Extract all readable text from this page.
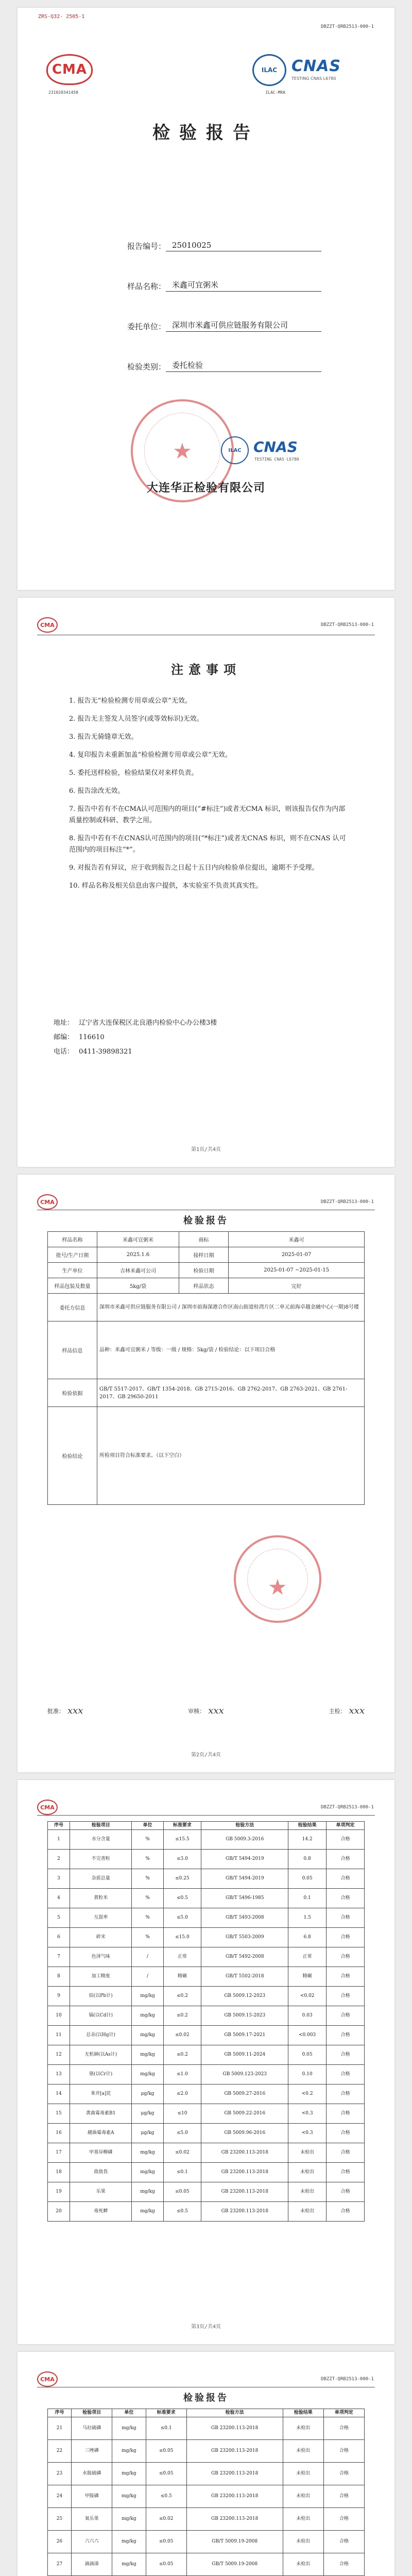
ZRS-Q32- 2505-1
DBZZT-QRB2513-000-1
CMA
231020341458
ILAC
ILAC-MRA
CNAS
TESTING CNAS L6780
检验报告
报告编号： 25010025
样品名称： 米鑫可宜粥米
委托单位： 深圳市米鑫可供应链服务有限公司
检验类别： 委托检验
★
ILAC CNAS
TESTING CNAS L6780
大连华正检验有限公司
CMA	DBZZT-QRB2513-000-1
注意事项
1. 报告无“检验检测专用章或公章”无效。
2. 报告无主签发人员签字(或等效标识)无效。
3. 报告无骑缝章无效。
4. 复印报告未重新加盖“检验检测专用章或公章”无效。
5. 委托送样检验，检验结果仅对来样负责。
6. 报告涂改无效。
7. 报告中若有不在CMA认可范围内的项目(“#标注”)或者无CMA 标识，则该报告仅作为内部质量控制或科研、教学之用。
8. 报告中若有不在CNAS认可范围内的项目(“*标注”)或者无CNAS 标识，则不在CNAS 认可范围内的项目标注“*”。
9. 对报告若有异议，应于收到报告之日起十五日内向检验单位提出，逾期不予受理。
10. 样品名称及相关信息由客户提供，本实验室不负责其真实性。
地址： 辽宁省大连保税区北良港内检验中心办公楼3楼
邮编： 116610
电话： 0411-39898321
第1页/共4页
CMA	DBZZT-QRB2513-000-1
检验报告
样品名称	米鑫可宜粥米	商标	米鑫可
批号/生产日期	2025.1.6	接样日期	2025-01-07
生产单位	吉林米鑫可公司	检验日期	2025-01-07 ~2025-01-15
样品包装及数量	5kg/袋	样品状态	完好
委托方信息	深圳市米鑫可供应链服务有限公司 / 深圳市前海深港合作区南山街道桂湾片区二单元前海卓越金融中心(一期)8号楼		
样品信息	品种：米鑫可宜粥米 / 等级：一级 / 规格：5kg/袋 / 检验结论：以下项目合格		
检验依据	GB/T 5517-2017、GB/T 1354-2018、GB 2715-2016、GB 2762-2017、GB 2763-2021、GB 2761-2017、GB 29650-2011		
检验结论	所检项目符合标准要求。（以下空白）		
★
批准： xxx	审核： xxx	主检： xxx
第2页/共4页
CMA	DBZZT-QRB2513-000-1
序号	检验项目	单位	标准要求	检验方法	检验结果	单项判定
1	水分含量	%	≤15.5	GB 5009.3-2016	14.2	合格
2	不完善粒	%	≤3.0	GB/T 5494-2019	0.8	合格
3	杂质总量	%	≤0.25	GB/T 5494-2019	0.05	合格
4	黄粒米	%	≤0.5	GB/T 5496-1985	0.1	合格
5	互混率	%	≤5.0	GB/T 5493-2008	1.5	合格
6	碎米	%	≤15.0	GB/T 5503-2009	6.8	合格
7	色泽气味	/	正常	GB/T 5492-2008	正常	合格
8	加工精度	/	精碾	GB/T 5502-2018	精碾	合格
9	铅(以Pb计)	mg/kg	≤0.2	GB 5009.12-2023	<0.02	合格
10	镉(以Cd计)	mg/kg	≤0.2	GB 5009.15-2023	0.03	合格
11	总汞(以Hg计)	mg/kg	≤0.02	GB 5009.17-2021	<0.003	合格
12	无机砷(以As计)	mg/kg	≤0.2	GB 5009.11-2024	0.05	合格
13	铬(以Cr计)	mg/kg	≤1.0	GB 5009.123-2023	0.10	合格
14	苯并[a]芘	μg/kg	≤2.0	GB 5009.27-2016	<0.2	合格
15	黄曲霉毒素B1	μg/kg	≤10	GB 5009.22-2016	<0.3	合格
16	赭曲霉毒素A	μg/kg	≤5.0	GB 5009.96-2016	<0.3	合格
17	甲基异柳磷	mg/kg	≤0.02	GB 23200.113-2018	未检出	合格
18	敌敌畏	mg/kg	≤0.1	GB 23200.113-2018	未检出	合格
19	乐果	mg/kg	≤0.05	GB 23200.113-2018	未检出	合格
20	毒死蜱	mg/kg	≤0.5	GB 23200.113-2018	未检出	合格
第3页/共4页
CMA	DBZZT-QRB2513-000-1
检验报告
序号	检验项目	单位	标准要求	检验方法	检验结果	单项判定
21	马拉硫磷	mg/kg	≤0.1	GB 23200.113-2018	未检出	合格
22	三唑磷	mg/kg	≤0.05	GB 23200.113-2018	未检出	合格
23	水胺硫磷	mg/kg	≤0.05	GB 23200.113-2018	未检出	合格
24	甲胺磷	mg/kg	≤0.5	GB 23200.113-2018	未检出	合格
25	氧乐果	mg/kg	≤0.02	GB 23200.113-2018	未检出	合格
26	六六六	mg/kg	≤0.05	GB/T 5009.19-2008	未检出	合格
27	滴滴涕	mg/kg	≤0.05	GB/T 5009.19-2008	未检出	合格
